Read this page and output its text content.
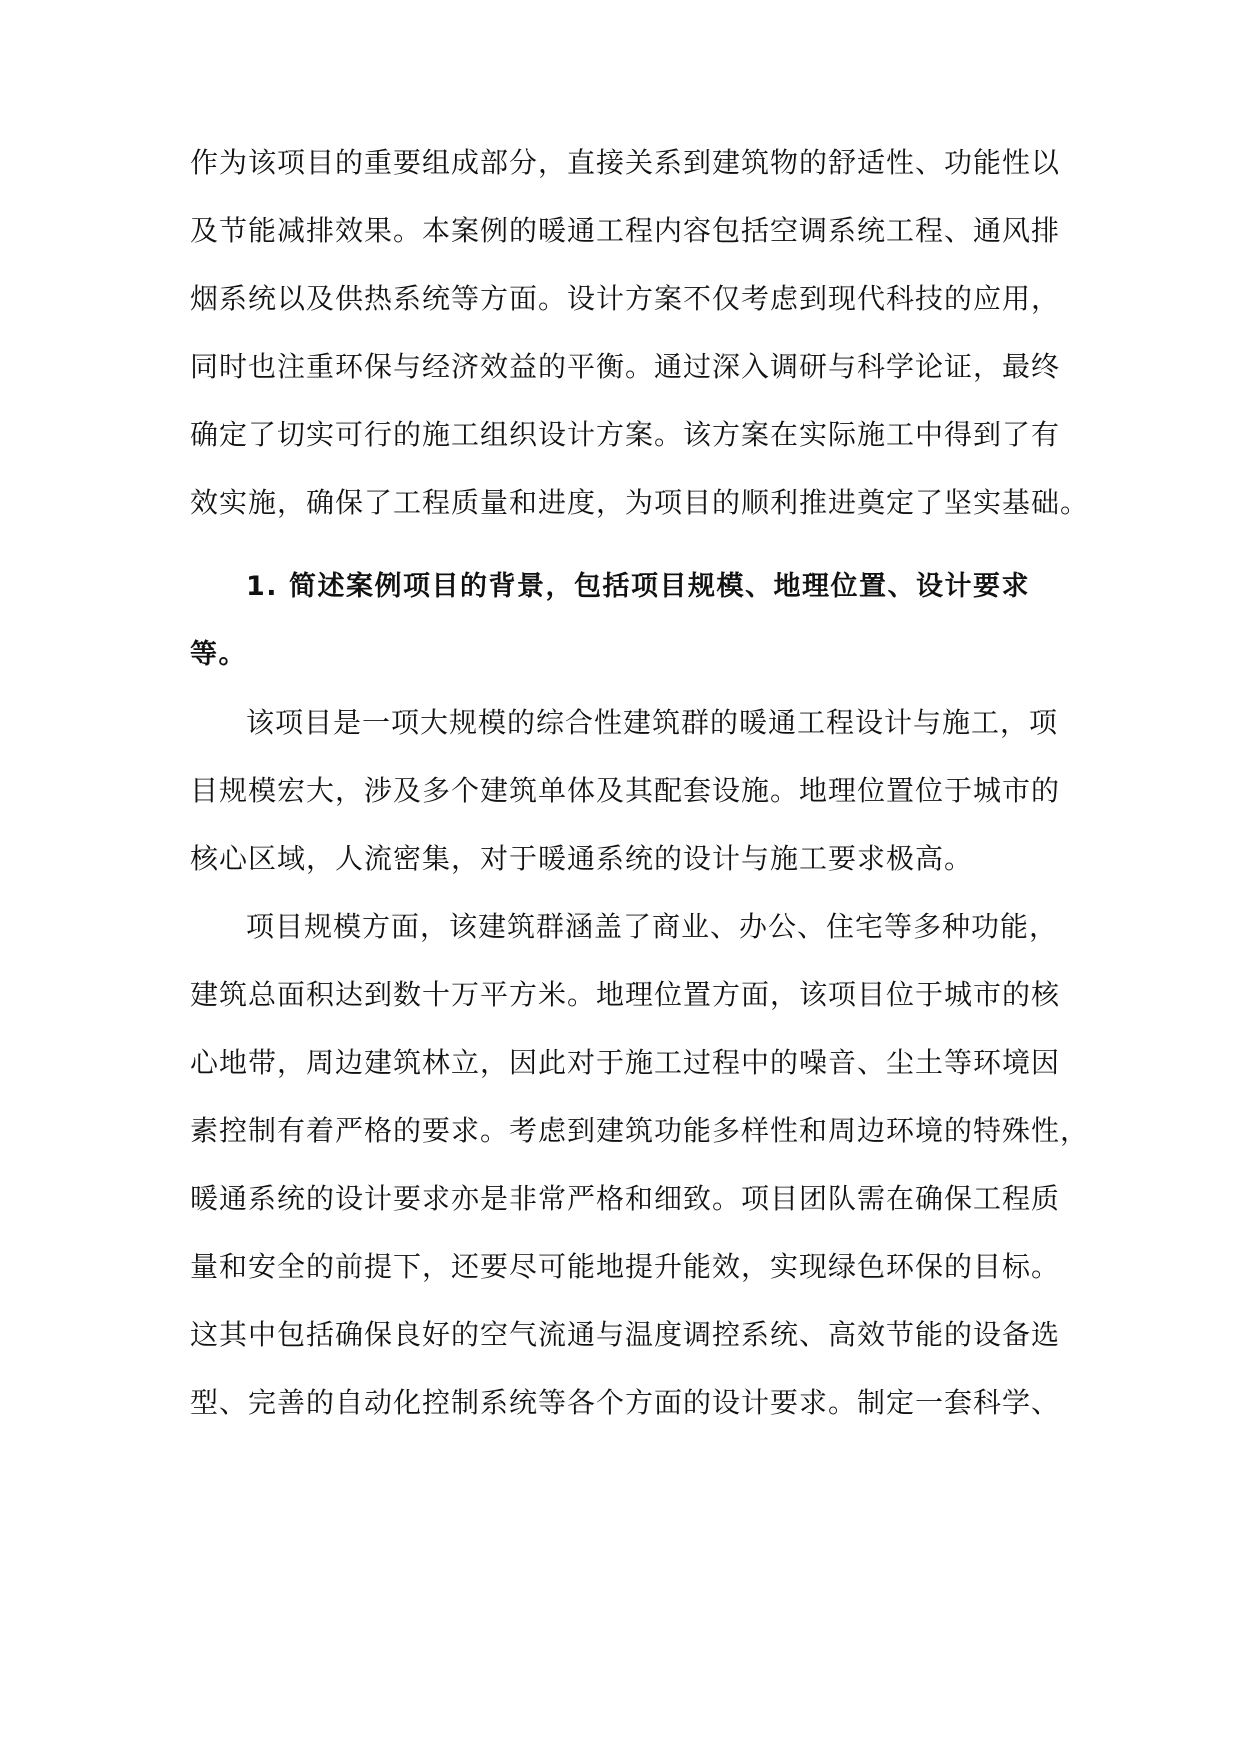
作为该项目的重要组成部分，直接关系到建筑物的舒适性、功能性以
及节能减排效果。本案例的暖通工程内容包括空调系统工程、通风排
烟系统以及供热系统等方面。设计方案不仅考虑到现代科技的应用，
同时也注重环保与经济效益的平衡。通过深入调研与科学论证，最终
确定了切实可行的施工组织设计方案。该方案在实际施工中得到了有
效实施，确保了工程质量和进度，为项目的顺利推进奠定了坚实基础。
1. 简述案例项目的背景，包括项目规模、地理位置、设计要求
等。
该项目是一项大规模的综合性建筑群的暖通工程设计与施工，项
目规模宏大，涉及多个建筑单体及其配套设施。地理位置位于城市的
核心区域，人流密集，对于暖通系统的设计与施工要求极高。
项目规模方面，该建筑群涵盖了商业、办公、住宅等多种功能，
建筑总面积达到数十万平方米。地理位置方面，该项目位于城市的核
心地带，周边建筑林立，因此对于施工过程中的噪音、尘土等环境因
素控制有着严格的要求。考虑到建筑功能多样性和周边环境的特殊性，
暖通系统的设计要求亦是非常严格和细致。项目团队需在确保工程质
量和安全的前提下，还要尽可能地提升能效，实现绿色环保的目标。
这其中包括确保良好的空气流通与温度调控系统、高效节能的设备选
型、完善的自动化控制系统等各个方面的设计要求。制定一套科学、
